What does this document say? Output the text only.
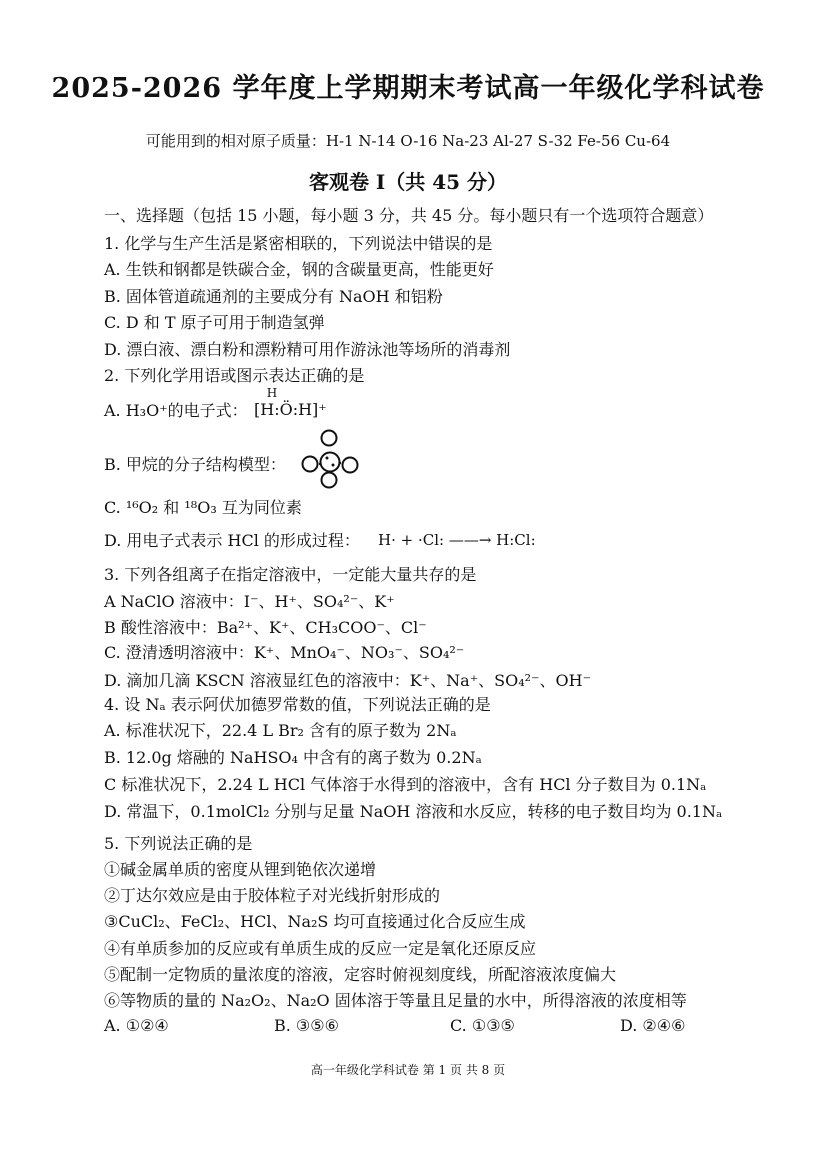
2025-2026 学年度上学期期末考试高一年级化学科试卷
可能用到的相对原子质量：H-1 N-14 O-16 Na-23 Al-27 S-32 Fe-56 Cu-64
客观卷 I（共 45 分）
一、选择题（包括 15 小题，每小题 3 分，共 45 分。每小题只有一个选项符合题意）
1. 化学与生产生活是紧密相联的，下列说法中错误的是
A. 生铁和钢都是铁碳合金，钢的含碳量更高，性能更好
B. 固体管道疏通剂的主要成分有 NaOH 和铝粉
C. D 和 T 原子可用于制造氢弹
D. 漂白液、漂白粉和漂粉精可用作游泳池等场所的消毒剂
2. 下列化学用语或图示表达正确的是
A. H₃O⁺的电子式：
H
[H:Ö:H]⁺
B. 甲烷的分子结构模型：
C. ¹⁶O₂ 和 ¹⁸O₃ 互为同位素
D. 用电子式表示 HCl 的形成过程： H· + ·Cl: ——→ H:Cl:
3. 下列各组离子在指定溶液中，一定能大量共存的是
A NaClO 溶液中：I⁻、H⁺、SO₄²⁻、K⁺
B 酸性溶液中：Ba²⁺、K⁺、CH₃COO⁻、Cl⁻
C. 澄清透明溶液中：K⁺、MnO₄⁻、NO₃⁻、SO₄²⁻
D. 滴加几滴 KSCN 溶液显红色的溶液中：K⁺、Na⁺、SO₄²⁻、OH⁻
4. 设 Nₐ 表示阿伏加德罗常数的值，下列说法正确的是
A. 标准状况下，22.4 L Br₂ 含有的原子数为 2Nₐ
B. 12.0g 熔融的 NaHSO₄ 中含有的离子数为 0.2Nₐ
C 标准状况下，2.24 L HCl 气体溶于水得到的溶液中，含有 HCl 分子数目为 0.1Nₐ
D. 常温下，0.1molCl₂ 分别与足量 NaOH 溶液和水反应，转移的电子数目均为 0.1Nₐ
5. 下列说法正确的是
①碱金属单质的密度从锂到铯依次递增
②丁达尔效应是由于胶体粒子对光线折射形成的
③CuCl₂、FeCl₂、HCl、Na₂S 均可直接通过化合反应生成
④有单质参加的反应或有单质生成的反应一定是氧化还原反应
⑤配制一定物质的量浓度的溶液，定容时俯视刻度线，所配溶液浓度偏大
⑥等物质的量的 Na₂O₂、Na₂O 固体溶于等量且足量的水中，所得溶液的浓度相等
A. ①②④	B. ③⑤⑥	C. ①③⑤	D. ②④⑥
高一年级化学科试卷 第 1 页 共 8 页
